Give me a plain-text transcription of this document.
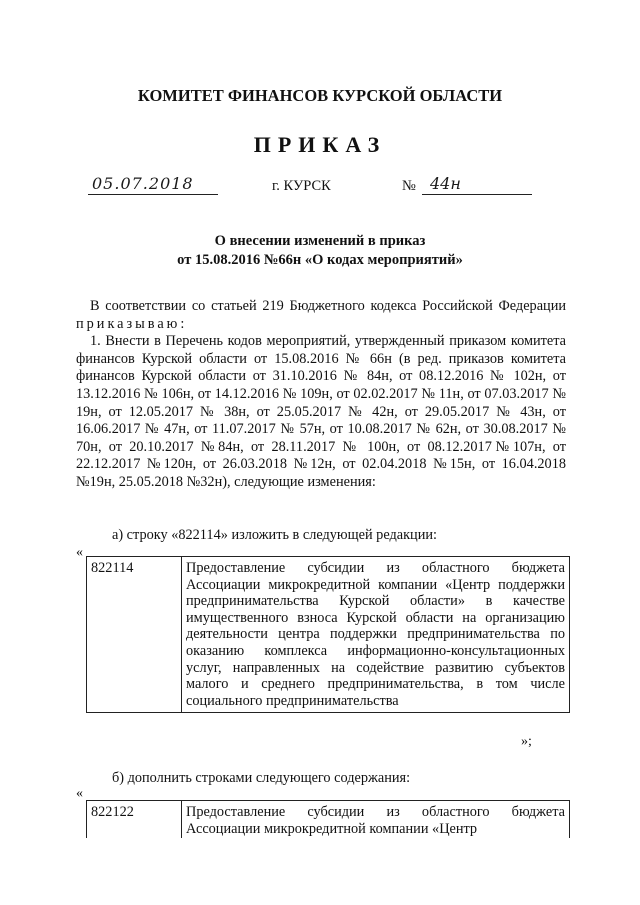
КОМИТЕТ ФИНАНСОВ КУРСКОЙ ОБЛАСТИ
ПРИКАЗ
05.07.2018	г. КУРСК	№ 44н
О внесении изменений в приказ
от 15.08.2016 №66н «О кодах мероприятий»

В соответствии со статьей 219 Бюджетного кодекса Российской Федерации приказываю:

1. Внести в Перечень кодов мероприятий, утвержденный приказом комитета финансов Курской области от 15.08.2016 № 66н (в ред. приказов комитета финансов Курской области от 31.10.2016 № 84н, от 08.12.2016 № 102н, от 13.12.2016 № 106н, от 14.12.2016 № 109н, от 02.02.2017 № 11н, от 07.03.2017 № 19н, от 12.05.2017 № 38н, от 25.05.2017 № 42н, от 29.05.2017 № 43н, от 16.06.2017 № 47н, от 11.07.2017 № 57н, от 10.08.2017 № 62н, от 30.08.2017 № 70н, от 20.10.2017 №84н, от 28.11.2017 № 100н, от 08.12.2017№107н, от 22.12.2017 №120н, от 26.03.2018 №12н, от 02.04.2018 №15н, от 16.04.2018 №19н, 25.05.2018 №32н), следующие изменения:

а) строку «822114» изложить в следующей редакции:
«
822114	Предоставление субсидии из областного бюджета Ассоциации микрокредитной компании «Центр поддержки предпринимательства Курской области» в качестве имущественного взноса Курской области на организацию деятельности центра поддержки предпринимательства по оказанию комплекса информационно-консультационных услуг, направленных на содействие развитию субъектов малого и среднего предпринимательства, в том числе социального предпринимательства
»;
б) дополнить строками следующего содержания:
«
822122	Предоставление субсидии из областного бюджета Ассоциации микрокредитной компании «Центр
